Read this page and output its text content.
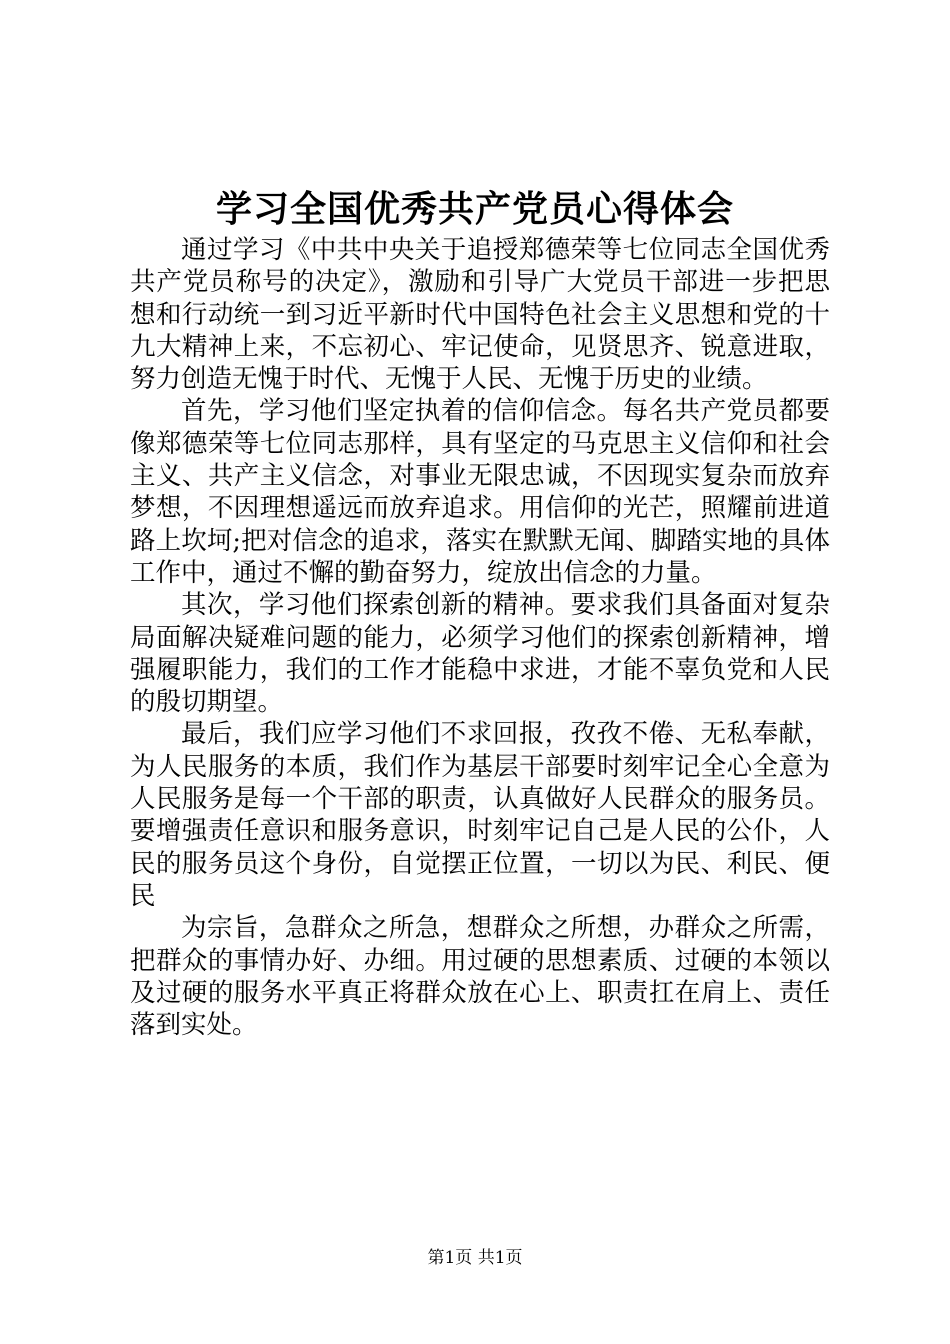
学习全国优秀共产党员心得体会

通过学习《中共中央关于追授郑德荣等七位同志全国优秀共产党员称号的决定》，激励和引导广大党员干部进一步把思想和行动统一到习近平新时代中国特色社会主义思想和党的十九大精神上来，不忘初心、牢记使命，见贤思齐、锐意进取，努力创造无愧于时代、无愧于人民、无愧于历史的业绩。

首先，学习他们坚定执着的信仰信念。每名共产党员都要像郑德荣等七位同志那样，具有坚定的马克思主义信仰和社会主义、共产主义信念，对事业无限忠诚，不因现实复杂而放弃梦想，不因理想遥远而放弃追求。用信仰的光芒，照耀前进道路上坎坷;把对信念的追求，落实在默默无闻、脚踏实地的具体工作中，通过不懈的勤奋努力，绽放出信念的力量。

其次，学习他们探索创新的精神。要求我们具备面对复杂局面解决疑难问题的能力，必须学习他们的探索创新精神，增强履职能力，我们的工作才能稳中求进，才能不辜负党和人民的殷切期望。

最后，我们应学习他们不求回报，孜孜不倦、无私奉献，为人民服务的本质，我们作为基层干部要时刻牢记全心全意为人民服务是每一个干部的职责，认真做好人民群众的服务员。要增强责任意识和服务意识，时刻牢记自己是人民的公仆，人民的服务员这个身份，自觉摆正位置，一切以为民、利民、便民

为宗旨，急群众之所急，想群众之所想，办群众之所需，把群众的事情办好、办细。用过硬的思想素质、过硬的本领以及过硬的服务水平真正将群众放在心上、职责扛在肩上、责任落到实处。

第1页 共1页
